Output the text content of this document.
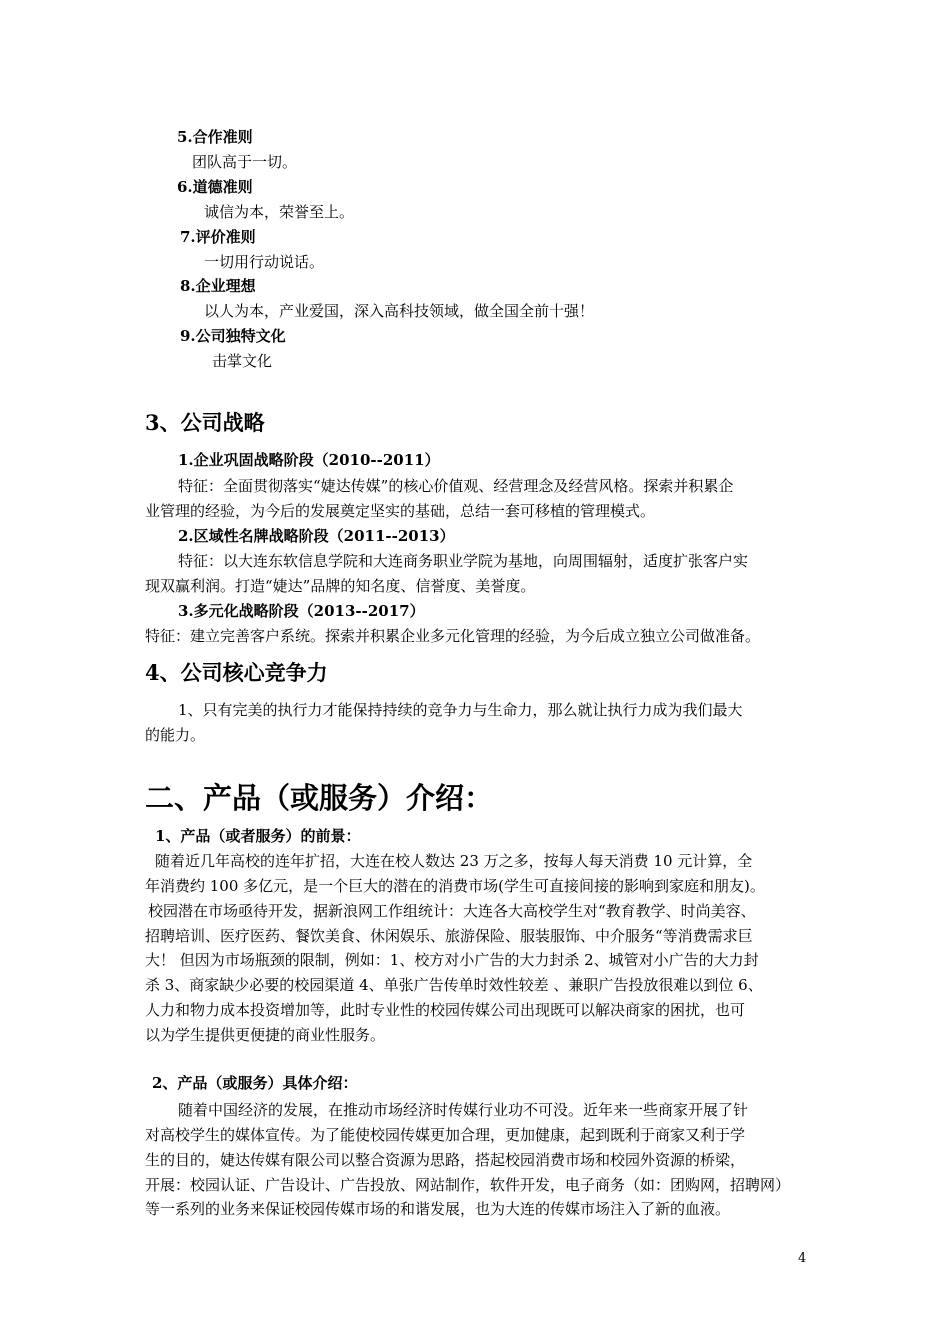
5.合作准则
团队高于一切。
6.道德准则
诚信为本，荣誉至上。
7.评价准则
一切用行动说话。
8.企业理想
以人为本，产业爱国，深入高科技领域，做全国全前十强！
9.公司独特文化
击掌文化
3、公司战略
1.企业巩固战略阶段（2010--2011）
特征：全面贯彻落实“婕达传媒”的核心价值观、经营理念及经营风格。探索并积累企
业管理的经验，为今后的发展奠定坚实的基础，总结一套可移植的管理模式。
2.区域性名牌战略阶段（2011--2013）
特征：以大连东软信息学院和大连商务职业学院为基地，向周围辐射，适度扩张客户实
现双赢利润。打造“婕达”品牌的知名度、信誉度、美誉度。
3.多元化战略阶段（2013--2017）
特征：建立完善客户系统。探索并积累企业多元化管理的经验，为今后成立独立公司做准备。
4、公司核心竞争力
1、只有完美的执行力才能保持持续的竞争力与生命力，那么就让执行力成为我们最大
的能力。
二、产品（或服务）介绍：
1、产品（或者服务）的前景：
随着近几年高校的连年扩招，大连在校人数达 23 万之多，按每人每天消费 10 元计算，全
年消费约 100 多亿元，是一个巨大的潜在的消费市场(学生可直接间接的影响到家庭和朋友)。
校园潜在市场亟待开发，据新浪网工作组统计：大连各大高校学生对“教育教学、时尚美容、
招聘培训、医疗医药、餐饮美食、休闲娱乐、旅游保险、服装服饰、中介服务“等消费需求巨
大！ 但因为市场瓶颈的限制，例如：1、校方对小广告的大力封杀 2、城管对小广告的大力封
杀 3、商家缺少必要的校园渠道 4、单张广告传单时效性较差 、兼职广告投放很难以到位 6、
人力和物力成本投资增加等，此时专业性的校园传媒公司出现既可以解决商家的困扰，也可
以为学生提供更便捷的商业性服务。
2、产品（或服务）具体介绍：
随着中国经济的发展，在推动市场经济时传媒行业功不可没。近年来一些商家开展了针
对高校学生的媒体宣传。为了能使校园传媒更加合理，更加健康，起到既利于商家又利于学
生的目的，婕达传媒有限公司以整合资源为思路，搭起校园消费市场和校园外资源的桥梁，
开展：校园认证、广告设计、广告投放、网站制作，软件开发，电子商务（如：团购网，招聘网）
等一系列的业务来保证校园传媒市场的和谐发展，也为大连的传媒市场注入了新的血液。
4
